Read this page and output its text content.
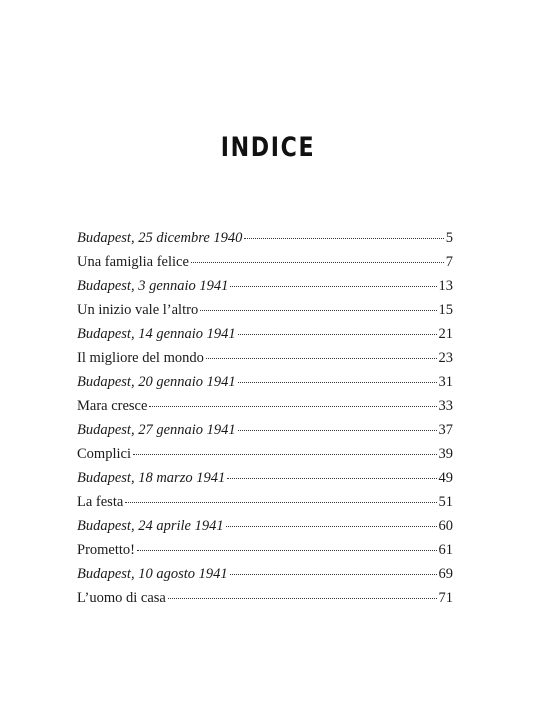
INDICE
Budapest, 25 dicembre 1940	5
Una famiglia felice	7
Budapest, 3 gennaio 1941	13
Un inizio vale l’altro	15
Budapest, 14 gennaio 1941	21
Il migliore del mondo	23
Budapest, 20 gennaio 1941	31
Mara cresce	33
Budapest, 27 gennaio 1941	37
Complici	39
Budapest, 18 marzo 1941	49
La festa	51
Budapest, 24 aprile 1941	60
Prometto!	61
Budapest, 10 agosto 1941	69
L’uomo di casa	71
